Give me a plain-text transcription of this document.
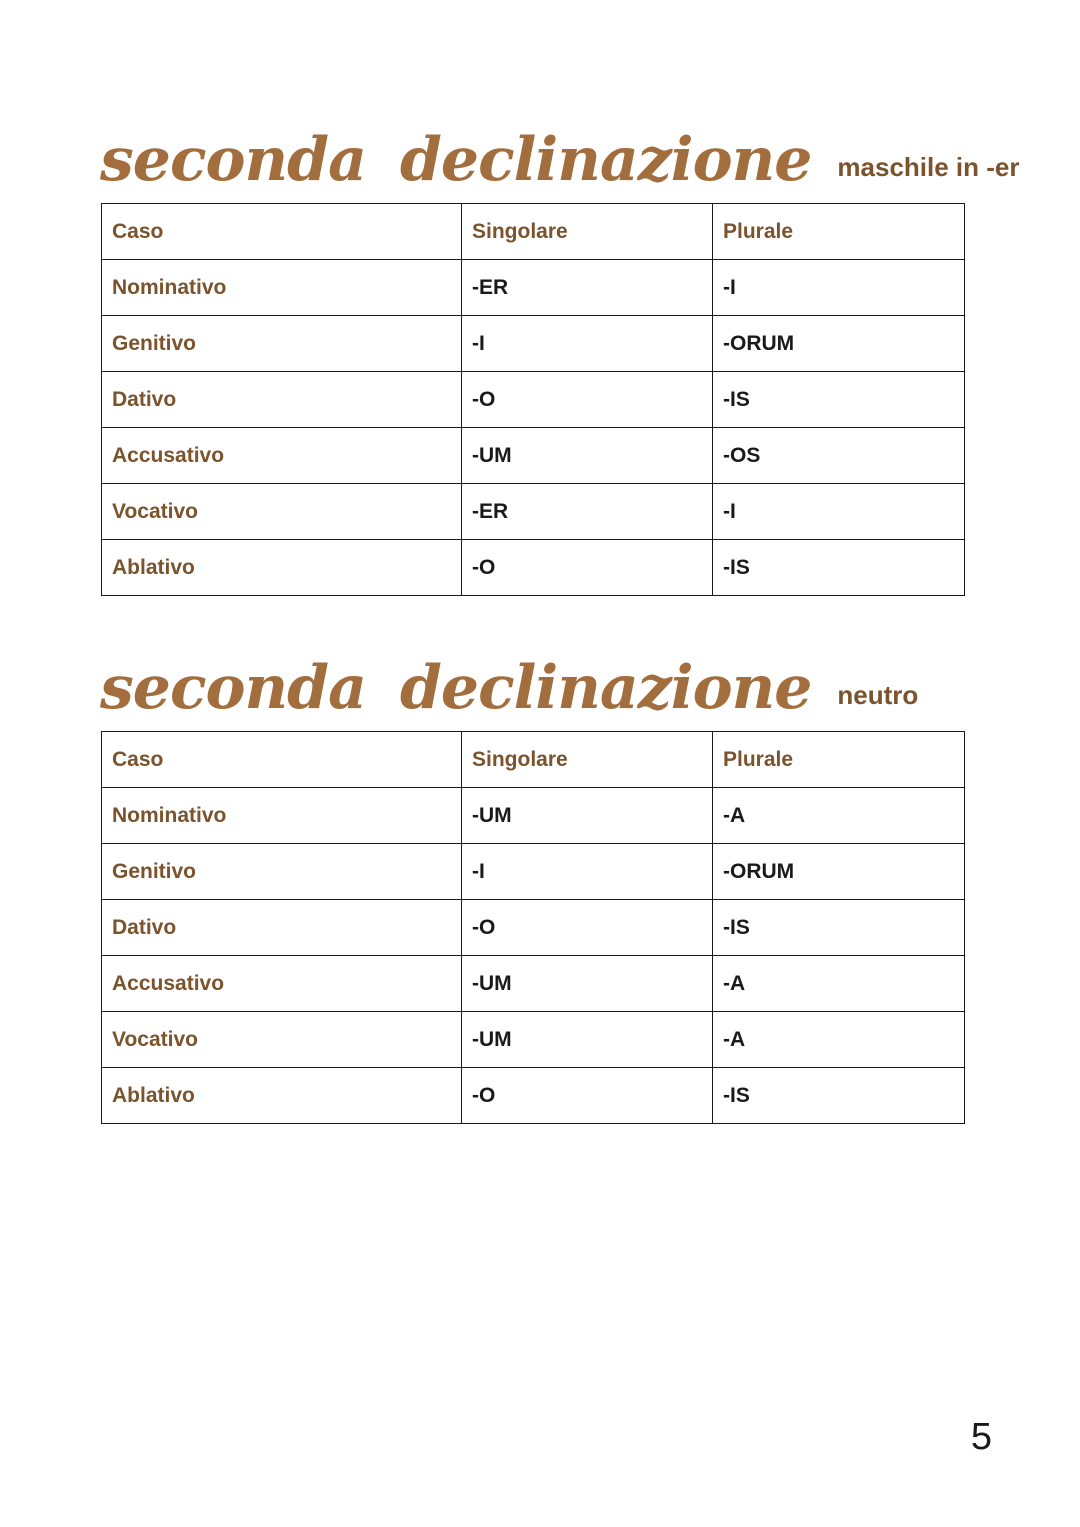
seconda declinazione maschile in -er
Caso	Singolare	Plurale
Nominativo	-ER	-I
Genitivo	-I	-ORUM
Dativo	-O	-IS
Accusativo	-UM	-OS
Vocativo	-ER	-I
Ablativo	-O	-IS
seconda declinazione neutro
Caso	Singolare	Plurale
Nominativo	-UM	-A
Genitivo	-I	-ORUM
Dativo	-O	-IS
Accusativo	-UM	-A
Vocativo	-UM	-A
Ablativo	-O	-IS
5
